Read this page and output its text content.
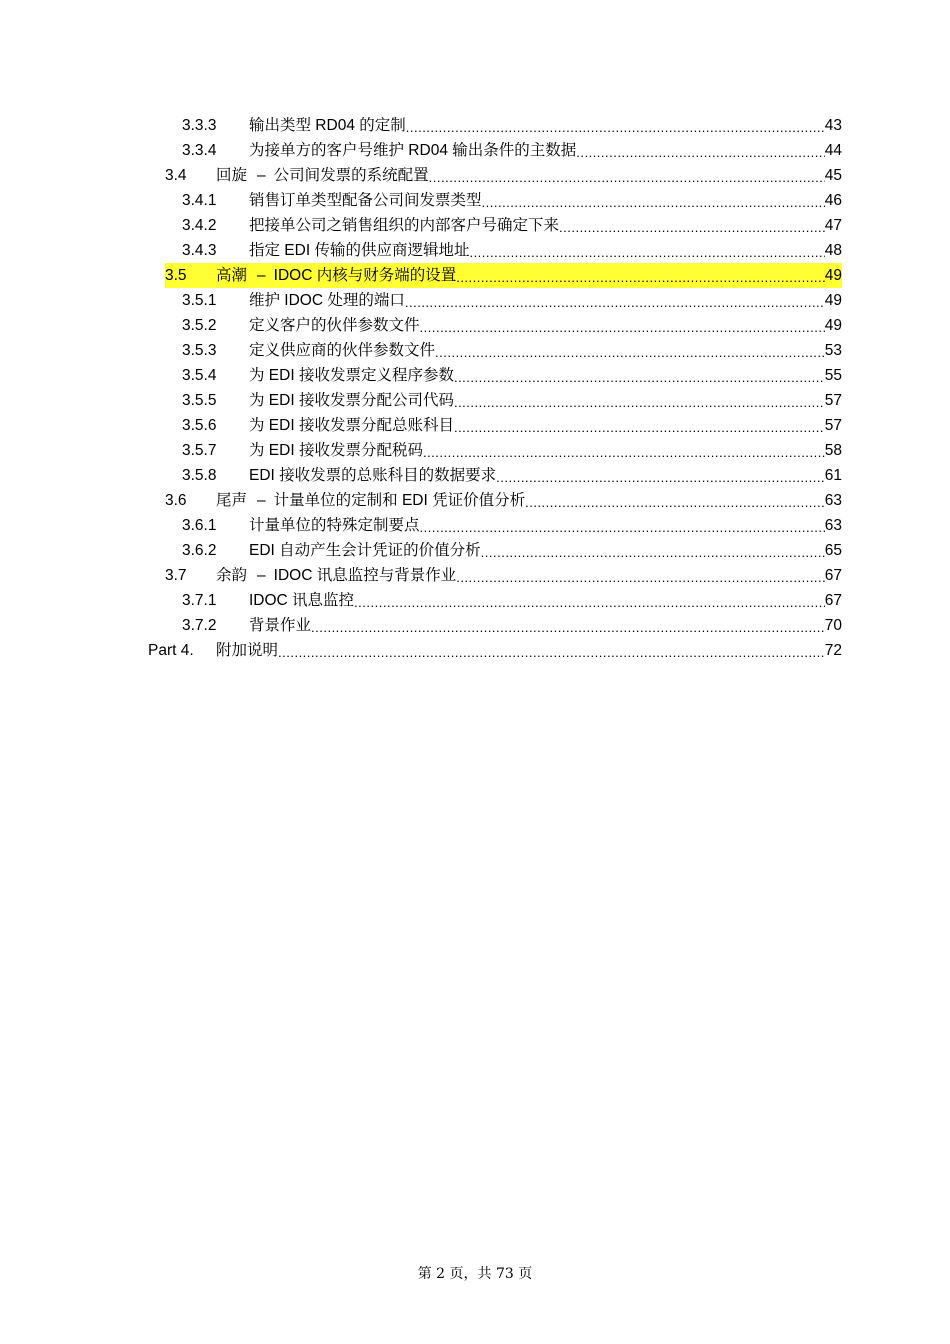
3.3.3	输出类型 RD04 的定制 .....	43
3.3.4	为接单方的客户号维护 RD04 输出条件的主数据 .....	44
3.4	回旋 – 公司间发票的系统配置 .....	45
3.4.1	销售订单类型配备公司间发票类型 .....	46
3.4.2	把接单公司之销售组织的内部客户号确定下来 .....	47
3.4.3	指定 EDI 传输的供应商逻辑地址 .....	48
3.5	高潮 – IDOC 内核与财务端的设置 .....	49
3.5.1	维护 IDOC 处理的端口 .....	49
3.5.2	定义客户的伙伴参数文件 .....	49
3.5.3	定义供应商的伙伴参数文件 .....	53
3.5.4	为 EDI 接收发票定义程序参数 .....	55
3.5.5	为 EDI 接收发票分配公司代码 .....	57
3.5.6	为 EDI 接收发票分配总账科目 .....	57
3.5.7	为 EDI 接收发票分配税码 .....	58
3.5.8	EDI 接收发票的总账科目的数据要求 .....	61
3.6	尾声 – 计量单位的定制和 EDI 凭证价值分析 .....	63
3.6.1	计量单位的特殊定制要点 .....	63
3.6.2	EDI 自动产生会计凭证的价值分析 .....	65
3.7	余韵 – IDOC 讯息监控与背景作业 .....	67
3.7.1	IDOC 讯息监控 .....	67
3.7.2	背景作业 .....	70
Part 4.	附加说明 .....	72
第 2 页，共 73 页
